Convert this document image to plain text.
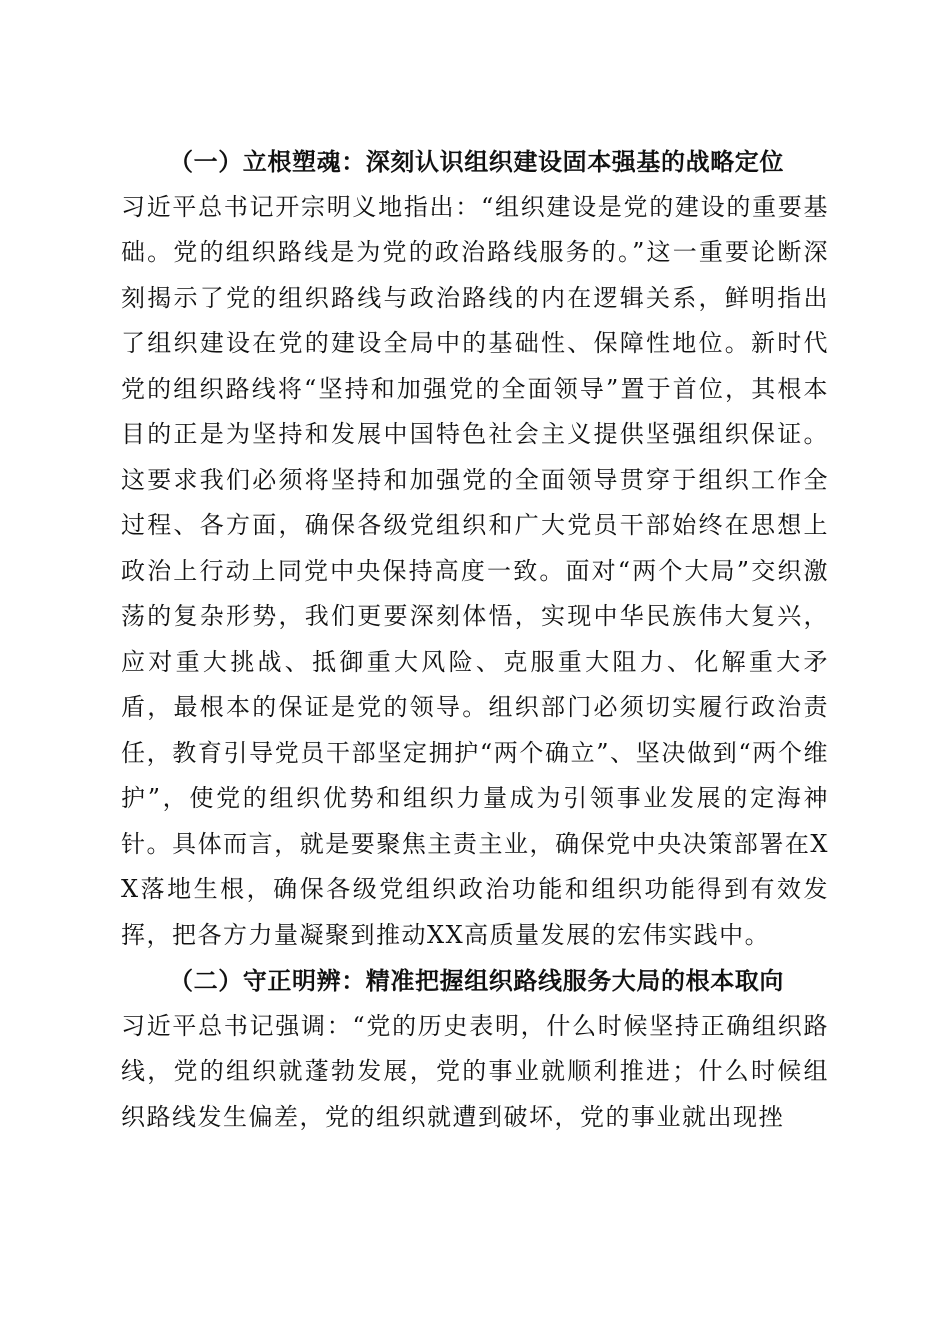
（一）立根塑魂：深刻认识组织建设固本强基的战略定位

习近平总书记开宗明义地指出：“组织建设是党的建设的重要基础。党的组织路线是为党的政治路线服务的。”这一重要论断深刻揭示了党的组织路线与政治路线的内在逻辑关系，鲜明指出了组织建设在党的建设全局中的基础性、保障性地位。新时代党的组织路线将“坚持和加强党的全面领导”置于首位，其根本目的正是为坚持和发展中国特色社会主义提供坚强组织保证。这要求我们必须将坚持和加强党的全面领导贯穿于组织工作全过程、各方面，确保各级党组织和广大党员干部始终在思想上政治上行动上同党中央保持高度一致。面对“两个大局”交织激荡的复杂形势，我们更要深刻体悟，实现中华民族伟大复兴，应对重大挑战、抵御重大风险、克服重大阻力、化解重大矛盾，最根本的保证是党的领导。组织部门必须切实履行政治责任，教育引导党员干部坚定拥护“两个确立”、坚决做到“两个维护”，使党的组织优势和组织力量成为引领事业发展的定海神针。具体而言，就是要聚焦主责主业，确保党中央决策部署在XX落地生根，确保各级党组织政治功能和组织功能得到有效发挥，把各方力量凝聚到推动XX高质量发展的宏伟实践中。

（二）守正明辨：精准把握组织路线服务大局的根本取向

习近平总书记强调：“党的历史表明，什么时候坚持正确组织路线，党的组织就蓬勃发展，党的事业就顺利推进；什么时候组织路线发生偏差，党的组织就遭到破坏，党的事业就出现挫
